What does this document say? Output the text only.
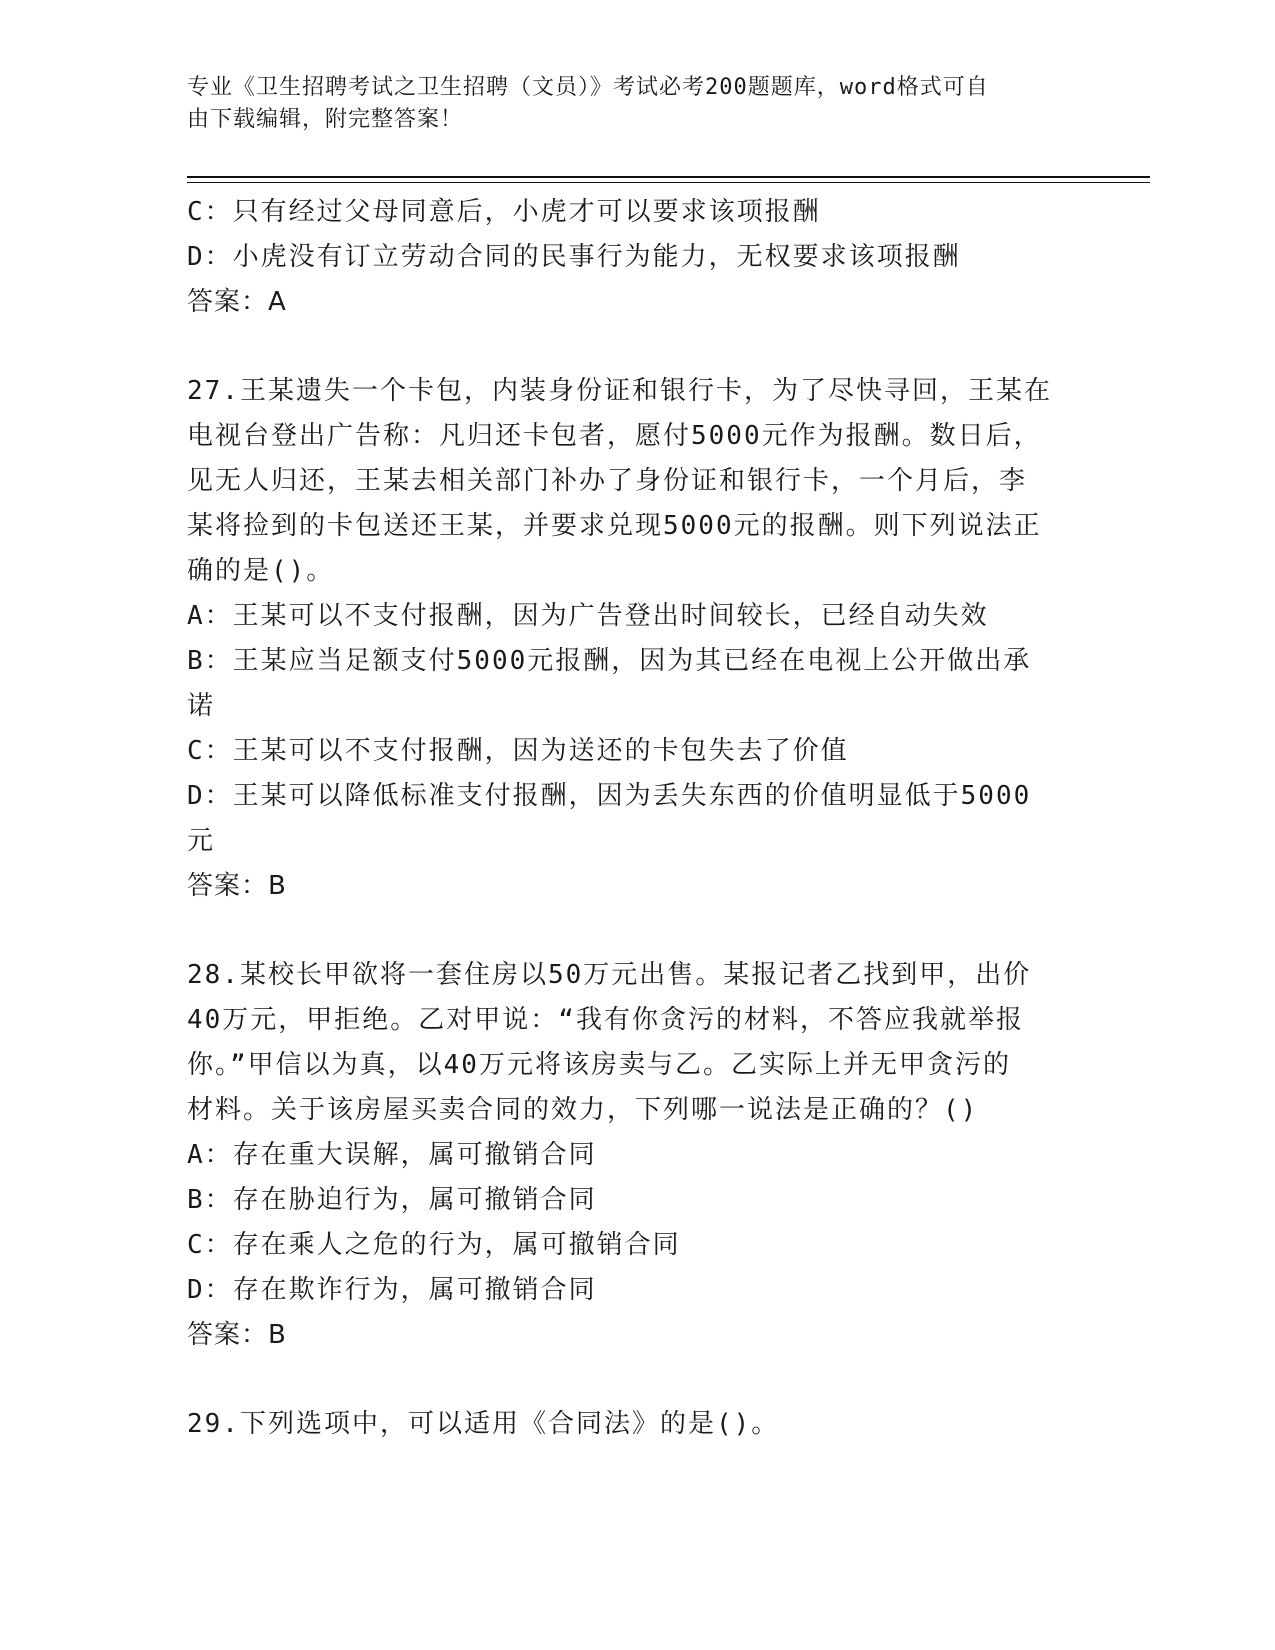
专业《卫生招聘考试之卫生招聘（文员）》考试必考200题题库，word格式可自
由下载编辑，附完整答案！
C：只有经过父母同意后，小虎才可以要求该项报酬
D：小虎没有订立劳动合同的民事行为能力，无权要求该项报酬
答案：A
27.王某遗失一个卡包，内装身份证和银行卡，为了尽快寻回，王某在
电视台登出广告称：凡归还卡包者，愿付5000元作为报酬。数日后，
见无人归还，王某去相关部门补办了身份证和银行卡，一个月后，李
某将捡到的卡包送还王某，并要求兑现5000元的报酬。则下列说法正
确的是()。
A：王某可以不支付报酬，因为广告登出时间较长，已经自动失效
B：王某应当足额支付5000元报酬，因为其已经在电视上公开做出承
诺
C：王某可以不支付报酬，因为送还的卡包失去了价值
D：王某可以降低标准支付报酬，因为丢失东西的价值明显低于5000
元
答案：B
28.某校长甲欲将一套住房以50万元出售。某报记者乙找到甲，出价
40万元，甲拒绝。乙对甲说：“我有你贪污的材料，不答应我就举报
你。”甲信以为真，以40万元将该房卖与乙。乙实际上并无甲贪污的
材料。关于该房屋买卖合同的效力，下列哪一说法是正确的？()
A：存在重大误解，属可撤销合同
B：存在胁迫行为，属可撤销合同
C：存在乘人之危的行为，属可撤销合同
D：存在欺诈行为，属可撤销合同
答案：B
29.下列选项中，可以适用《合同法》的是()。
